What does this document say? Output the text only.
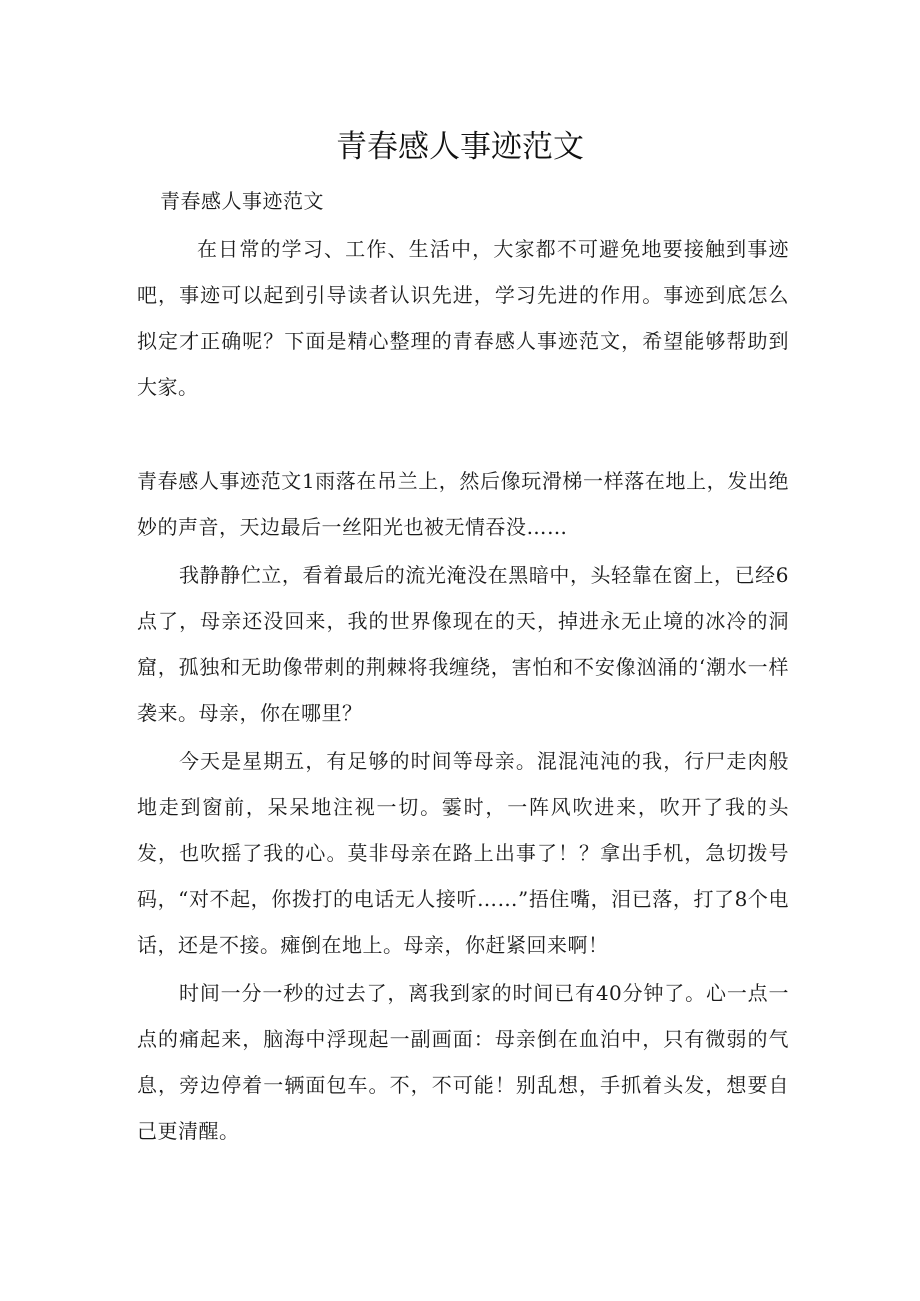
青春感人事迹范文

青春感人事迹范文

在日常的学习、工作、生活中，大家都不可避免地要接触到事迹吧，事迹可以起到引导读者认识先进，学习先进的作用。事迹到底怎么拟定才正确呢？下面是精心整理的青春感人事迹范文，希望能够帮助到大家。

青春感人事迹范文1雨落在吊兰上，然后像玩滑梯一样落在地上，发出绝妙的声音，天边最后一丝阳光也被无情吞没……

我静静伫立，看着最后的流光淹没在黑暗中，头轻靠在窗上，已经6点了，母亲还没回来，我的世界像现在的天，掉进永无止境的冰冷的洞窟，孤独和无助像带刺的荆棘将我缠绕，害怕和不安像汹涌的‘潮水一样袭来。母亲，你在哪里？

今天是星期五，有足够的时间等母亲。混混沌沌的我，行尸走肉般地走到窗前，呆呆地注视一切。霎时，一阵风吹进来，吹开了我的头发，也吹摇了我的心。莫非母亲在路上出事了！？拿出手机，急切拨号码，“对不起，你拨打的电话无人接听……”捂住嘴，泪已落，打了8个电话，还是不接。瘫倒在地上。母亲，你赶紧回来啊！

时间一分一秒的过去了，离我到家的时间已有40分钟了。心一点一点的痛起来，脑海中浮现起一副画面：母亲倒在血泊中，只有微弱的气息，旁边停着一辆面包车。不，不可能！别乱想，手抓着头发，想要自己更清醒。
